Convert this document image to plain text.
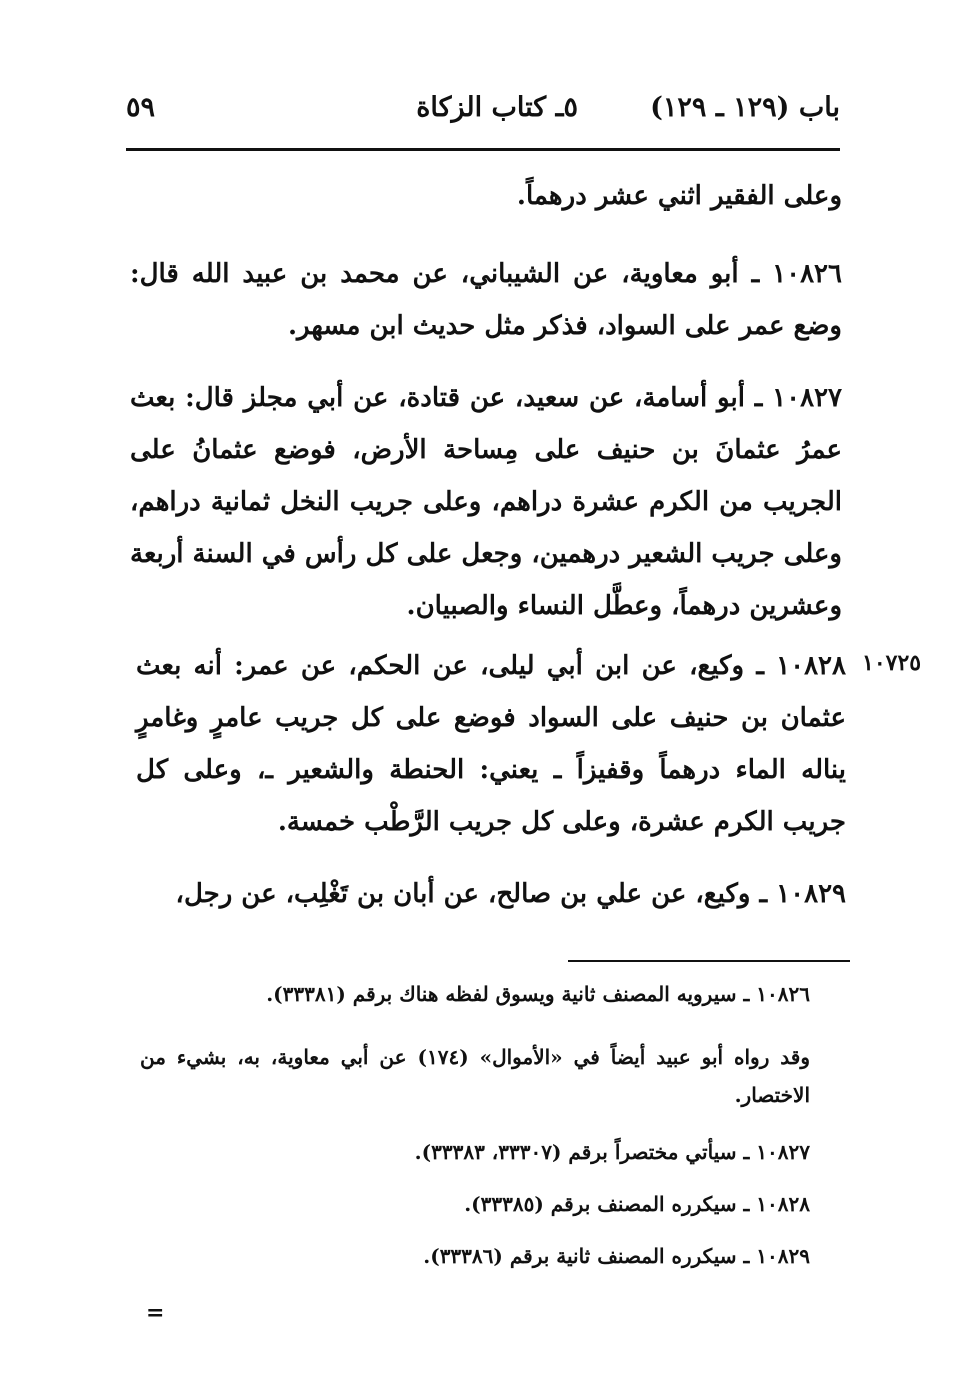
باب (١٢٩ ـ ١٢٩)
٥ـ كتاب الزكاة
٥٩
وعلى الفقير اثني عشر درهماً.
١٠٨٢٦ ـ أبو معاوية، عن الشيباني، عن محمد بن عبيد الله قال: وضع عمر على السواد، فذكر مثل حديث ابن مسهر.
١٠٨٢٧ ـ أبو أسامة، عن سعيد، عن قتادة، عن أبي مجلز قال: بعث عمرُ عثمانَ بن حنيف على مِساحة الأرض، فوضع عثمانُ على الجريب من الكرم عشرة دراهم، وعلى جريب النخل ثمانية دراهم، وعلى جريب الشعير درهمين، وجعل على كل رأس في السنة أربعة وعشرين درهماً، وعطَّل النساء والصبيان.
١٠٧٢٥
١٠٨٢٨ ـ وكيع، عن ابن أبي ليلى، عن الحكم، عن عمر: أنه بعث عثمان بن حنيف على السواد فوضع على كل جريب عامرٍ وغامرٍ يناله الماء درهماً وقفيزاً ـ يعني: الحنطة والشعير ـ، وعلى كل جريب الكرم عشرة، وعلى كل جريب الرَّطْب خمسة.
١٠٨٢٩ ـ وكيع، عن علي بن صالح، عن أبان بن تَغْلِب، عن رجل،
١٠٨٢٦ ـ سيرويه المصنف ثانية ويسوق لفظه هناك برقم (٣٣٣٨١).
وقد رواه أبو عبيد أيضاً في «الأموال» (١٧٤) عن أبي معاوية، به، بشيء من الاختصار.
١٠٨٢٧ ـ سيأتي مختصراً برقم (٣٣٣٠٧، ٣٣٣٨٣).
١٠٨٢٨ ـ سيكرره المصنف برقم (٣٣٣٨٥).
١٠٨٢٩ ـ سيكرره المصنف ثانية برقم (٣٣٣٨٦).
=
